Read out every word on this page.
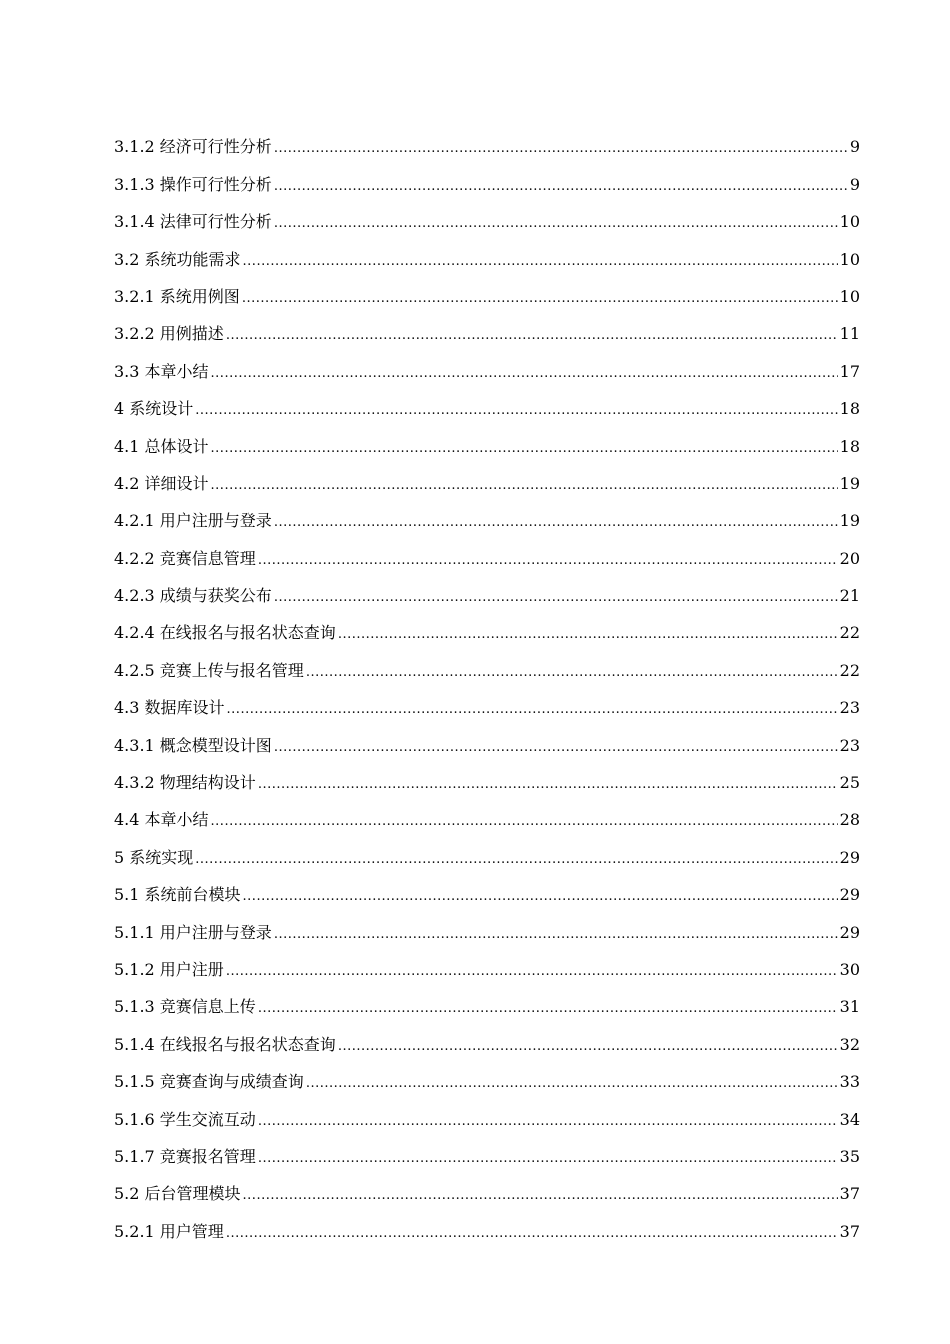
3.1.2 经济可行性分析 .....	9
3.1.3 操作可行性分析 .....	9
3.1.4 法律可行性分析 .....	10
3.2 系统功能需求 .....	10
3.2.1 系统用例图 .....	10
3.2.2 用例描述 .....	11
3.3 本章小结 .....	17
4 系统设计 .....	18
4.1 总体设计 .....	18
4.2 详细设计 .....	19
4.2.1 用户注册与登录 .....	19
4.2.2 竞赛信息管理 .....	20
4.2.3 成绩与获奖公布 .....	21
4.2.4 在线报名与报名状态查询 .....	22
4.2.5 竞赛上传与报名管理 .....	22
4.3 数据库设计 .....	23
4.3.1 概念模型设计图 .....	23
4.3.2 物理结构设计 .....	25
4.4 本章小结 .....	28
5 系统实现 .....	29
5.1 系统前台模块 .....	29
5.1.1 用户注册与登录 .....	29
5.1.2 用户注册 .....	30
5.1.3 竞赛信息上传 .....	31
5.1.4 在线报名与报名状态查询 .....	32
5.1.5 竞赛查询与成绩查询 .....	33
5.1.6 学生交流互动 .....	34
5.1.7 竞赛报名管理 .....	35
5.2 后台管理模块 .....	37
5.2.1 用户管理 .....	37
